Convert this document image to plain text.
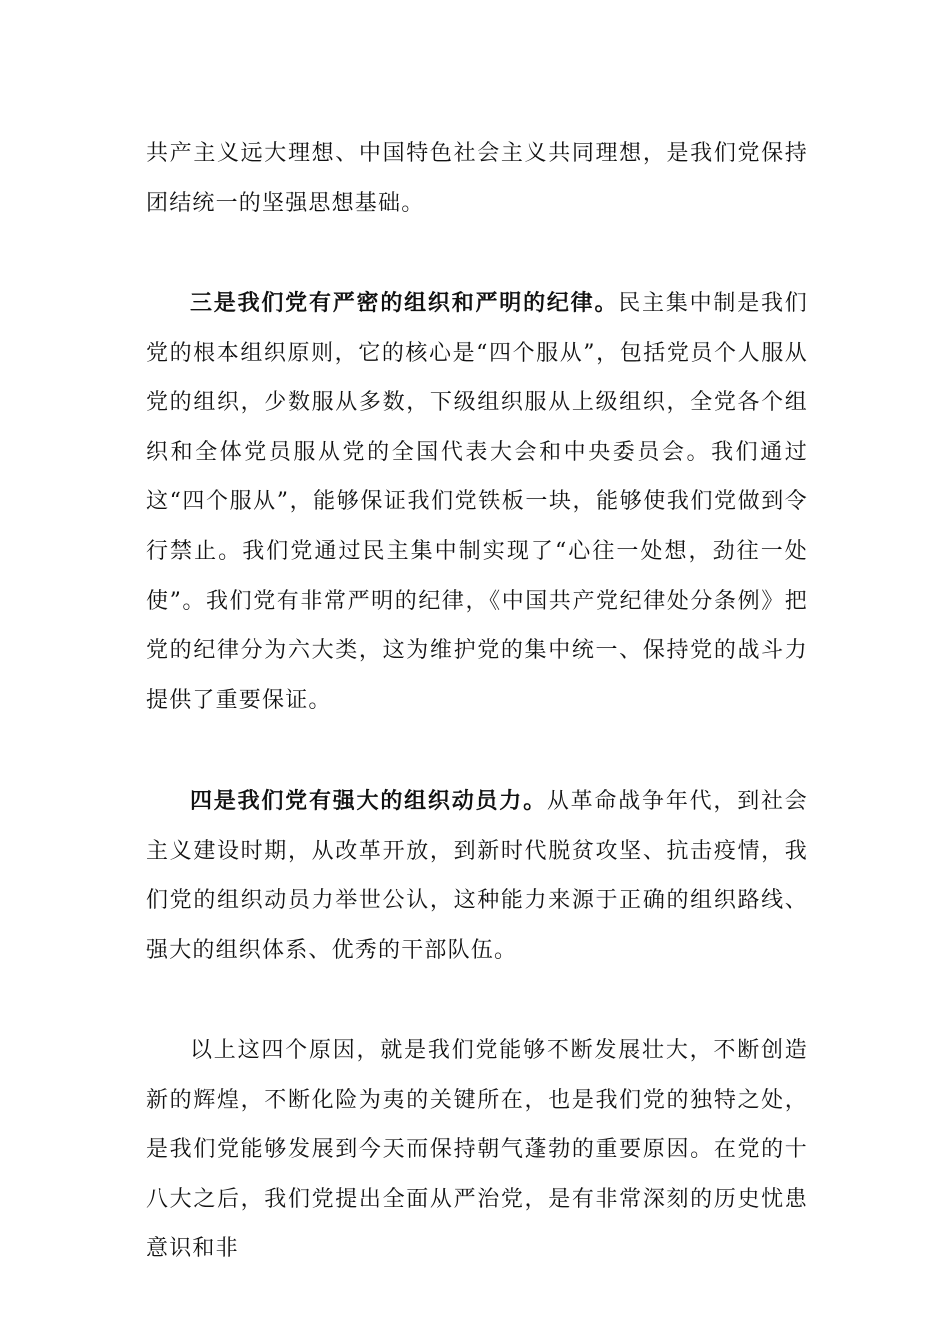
共产主义远大理想、中国特色社会主义共同理想，是我们党保持团结统一的坚强思想基础。

三是我们党有严密的组织和严明的纪律。民主集中制是我们党的根本组织原则，它的核心是“四个服从”，包括党员个人服从党的组织，少数服从多数，下级组织服从上级组织，全党各个组织和全体党员服从党的全国代表大会和中央委员会。我们通过这“四个服从”，能够保证我们党铁板一块，能够使我们党做到令行禁止。我们党通过民主集中制实现了“心往一处想，劲往一处使”。我们党有非常严明的纪律，《中国共产党纪律处分条例》把党的纪律分为六大类，这为维护党的集中统一、保持党的战斗力提供了重要保证。

四是我们党有强大的组织动员力。从革命战争年代，到社会主义建设时期，从改革开放，到新时代脱贫攻坚、抗击疫情，我们党的组织动员力举世公认，这种能力来源于正确的组织路线、强大的组织体系、优秀的干部队伍。

以上这四个原因，就是我们党能够不断发展壮大，不断创造新的辉煌，不断化险为夷的关键所在，也是我们党的独特之处，是我们党能够发展到今天而保持朝气蓬勃的重要原因。在党的十八大之后，我们党提出全面从严治党，是有非常深刻的历史忧患意识和非
